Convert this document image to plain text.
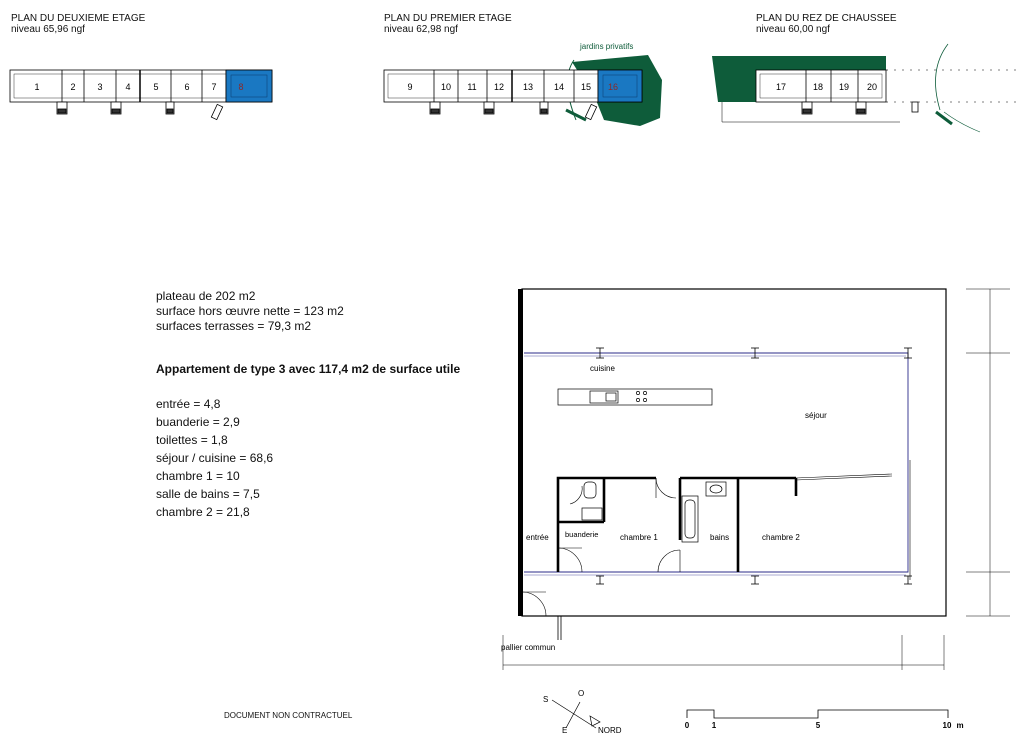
PLAN DU DEUXIEME ETAGE
niveau 65,96 ngf
PLAN DU PREMIER ETAGE
niveau 62,98 ngf
PLAN DU REZ DE CHAUSSEE
niveau 60,00 ngf
1	2 3	4	5	6 7 8	9	10 11 12 13 14 15 16
jardins privatifs
17	18 19 20
jardins privatifs
cuisine
séjour
entrée buanderie	chambre 1	bains	chambre 2
pallier commun
O
S
E	NORD
0	1	5	10 m
plateau de 202 m2
surface hors œuvre nette = 123 m2
surfaces terrasses = 79,3 m2
Appartement de type 3 avec 117,4 m2 de surface utile
entrée = 4,8
buanderie = 2,9
toilettes = 1,8
séjour / cuisine = 68,6
chambre 1 = 10
salle de bains = 7,5
chambre 2 = 21,8
DOCUMENT NON CONTRACTUEL
